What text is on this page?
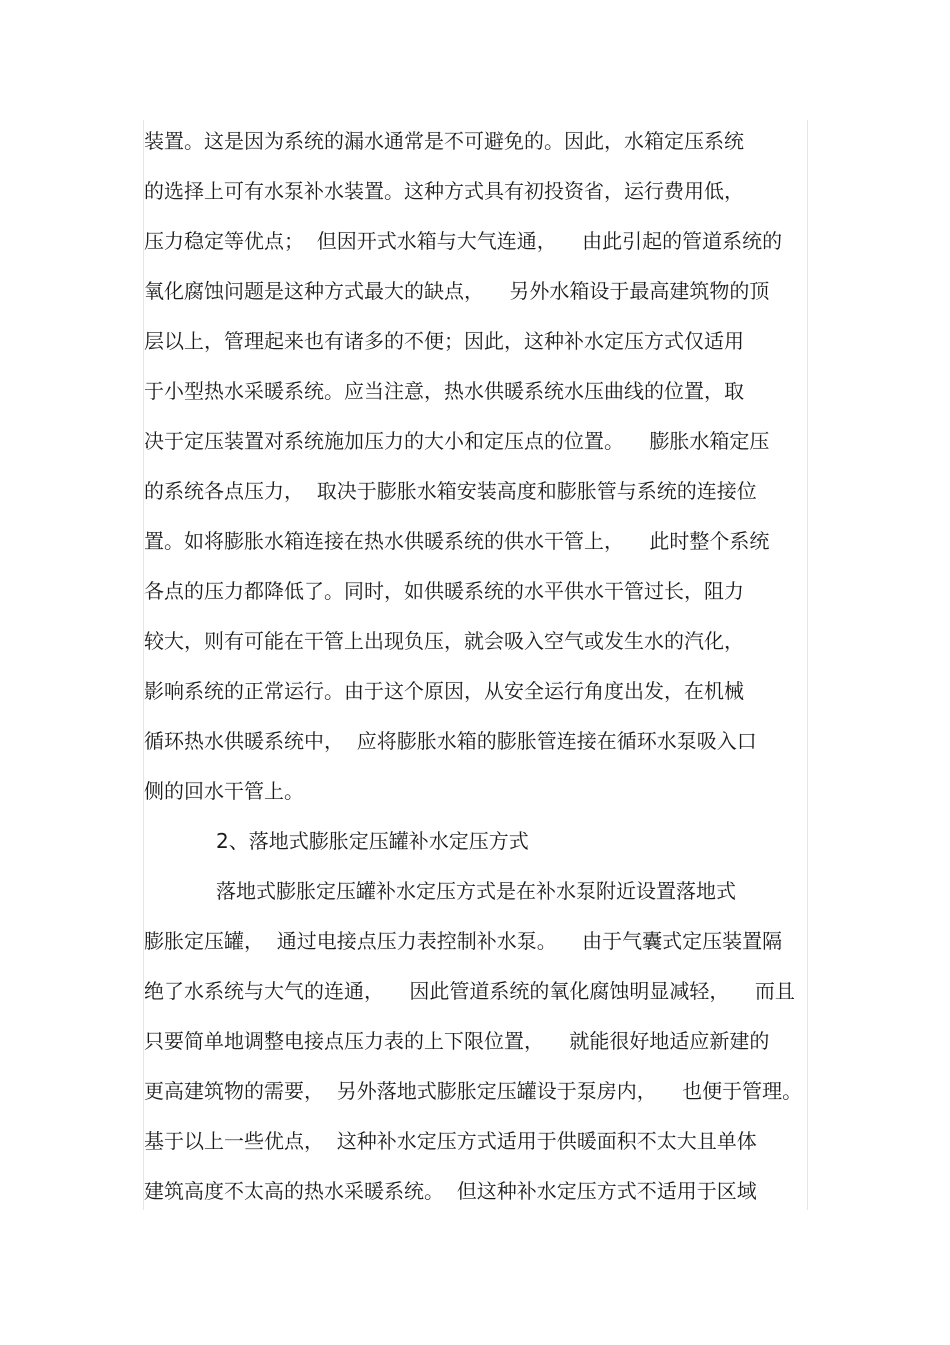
装置。这是因为系统的漏水通常是不可避免的。因此，水箱定压系统
的选择上可有水泵补水装置。这种方式具有初投资省，运行费用低，
压力稳定等优点；  但因开式水箱与大气连通，    由此引起的管道系统的
氧化腐蚀问题是这种方式最大的缺点，    另外水箱设于最高建筑物的顶
层以上，管理起来也有诸多的不便；因此，这种补水定压方式仅适用
于小型热水采暖系统。应当注意，热水供暖系统水压曲线的位置，取
决于定压装置对系统施加压力的大小和定压点的位置。    膨胀水箱定压
的系统各点压力，  取决于膨胀水箱安装高度和膨胀管与系统的连接位
置。如将膨胀水箱连接在热水供暖系统的供水干管上，    此时整个系统
各点的压力都降低了。同时，如供暖系统的水平供水干管过长，阻力
较大，则有可能在干管上出现负压，就会吸入空气或发生水的汽化，
影响系统的正常运行。由于这个原因，从安全运行角度出发，在机械
循环热水供暖系统中，  应将膨胀水箱的膨胀管连接在循环水泵吸入口
侧的回水干管上。
2、落地式膨胀定压罐补水定压方式
落地式膨胀定压罐补水定压方式是在补水泵附近设置落地式
膨胀定压罐，  通过电接点压力表控制补水泵。    由于气囊式定压装置隔
绝了水系统与大气的连通，    因此管道系统的氧化腐蚀明显减轻，    而且
只要简单地调整电接点压力表的上下限位置，    就能很好地适应新建的
更高建筑物的需要，  另外落地式膨胀定压罐设于泵房内，    也便于管理。
基于以上一些优点，  这种补水定压方式适用于供暖面积不太大且单体
建筑高度不太高的热水采暖系统。  但这种补水定压方式不适用于区域
